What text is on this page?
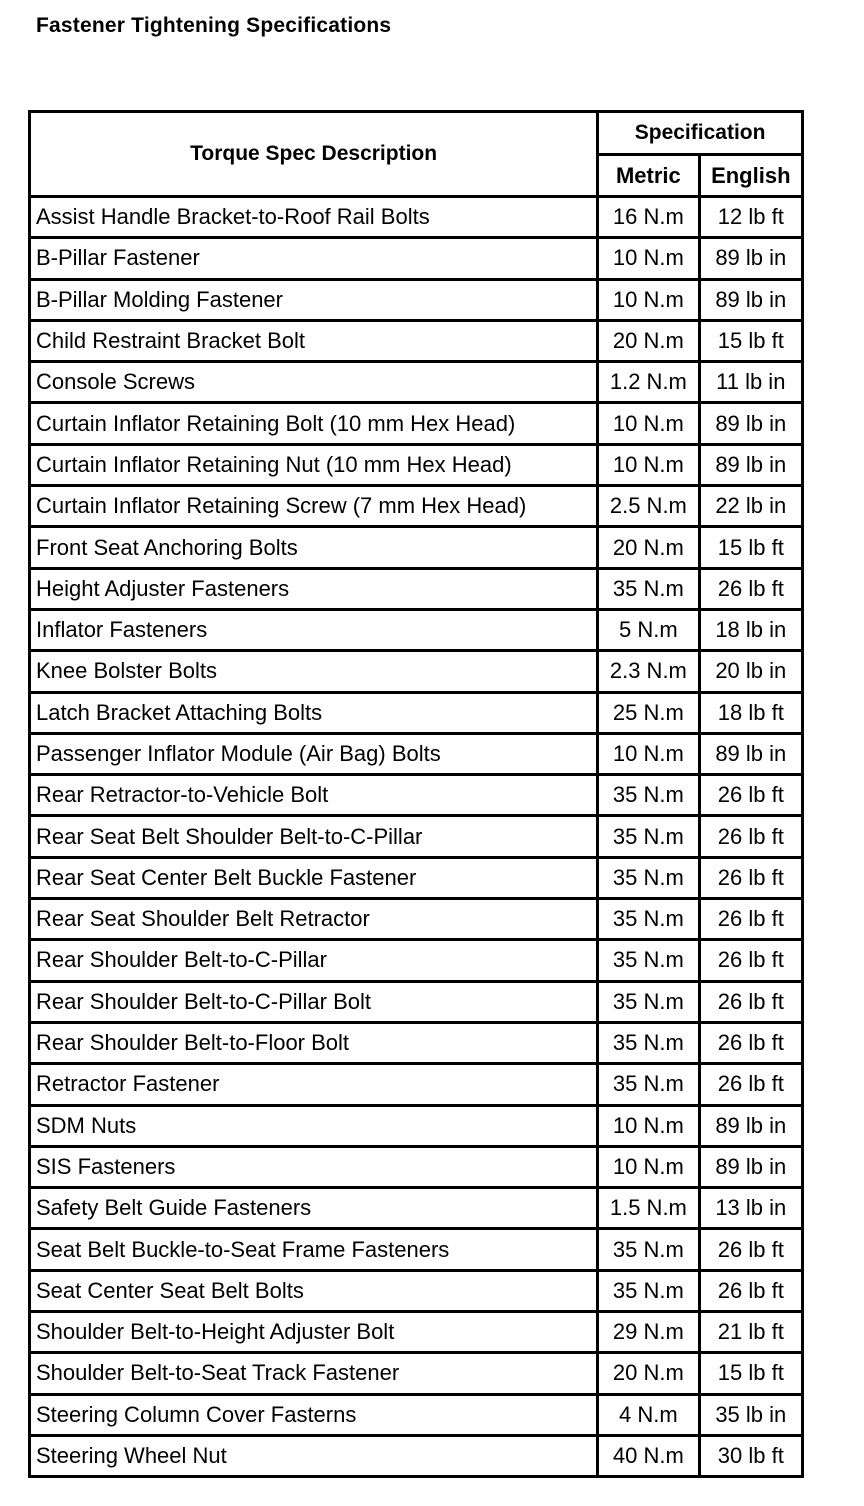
Fastener Tightening Specifications
Torque Spec Description	Specification	
	Metric	English
Assist Handle Bracket-to-Roof Rail Bolts	16 N.m	12 lb ft
B-Pillar Fastener	10 N.m	89 lb in
B-Pillar Molding Fastener	10 N.m	89 lb in
Child Restraint Bracket Bolt	20 N.m	15 lb ft
Console Screws	1.2 N.m	11 lb in
Curtain Inflator Retaining Bolt (10 mm Hex Head)	10 N.m	89 lb in
Curtain Inflator Retaining Nut (10 mm Hex Head)	10 N.m	89 lb in
Curtain Inflator Retaining Screw (7 mm Hex Head)	2.5 N.m	22 lb in
Front Seat Anchoring Bolts	20 N.m	15 lb ft
Height Adjuster Fasteners	35 N.m	26 lb ft
Inflator Fasteners	5 N.m	18 lb in
Knee Bolster Bolts	2.3 N.m	20 lb in
Latch Bracket Attaching Bolts	25 N.m	18 lb ft
Passenger Inflator Module (Air Bag) Bolts	10 N.m	89 lb in
Rear Retractor-to-Vehicle Bolt	35 N.m	26 lb ft
Rear Seat Belt Shoulder Belt-to-C-Pillar	35 N.m	26 lb ft
Rear Seat Center Belt Buckle Fastener	35 N.m	26 lb ft
Rear Seat Shoulder Belt Retractor	35 N.m	26 lb ft
Rear Shoulder Belt-to-C-Pillar	35 N.m	26 lb ft
Rear Shoulder Belt-to-C-Pillar Bolt	35 N.m	26 lb ft
Rear Shoulder Belt-to-Floor Bolt	35 N.m	26 lb ft
Retractor Fastener	35 N.m	26 lb ft
SDM Nuts	10 N.m	89 lb in
SIS Fasteners	10 N.m	89 lb in
Safety Belt Guide Fasteners	1.5 N.m	13 lb in
Seat Belt Buckle-to-Seat Frame Fasteners	35 N.m	26 lb ft
Seat Center Seat Belt Bolts	35 N.m	26 lb ft
Shoulder Belt-to-Height Adjuster Bolt	29 N.m	21 lb ft
Shoulder Belt-to-Seat Track Fastener	20 N.m	15 lb ft
Steering Column Cover Fasterns	4 N.m	35 lb in
Steering Wheel Nut	40 N.m	30 lb ft
